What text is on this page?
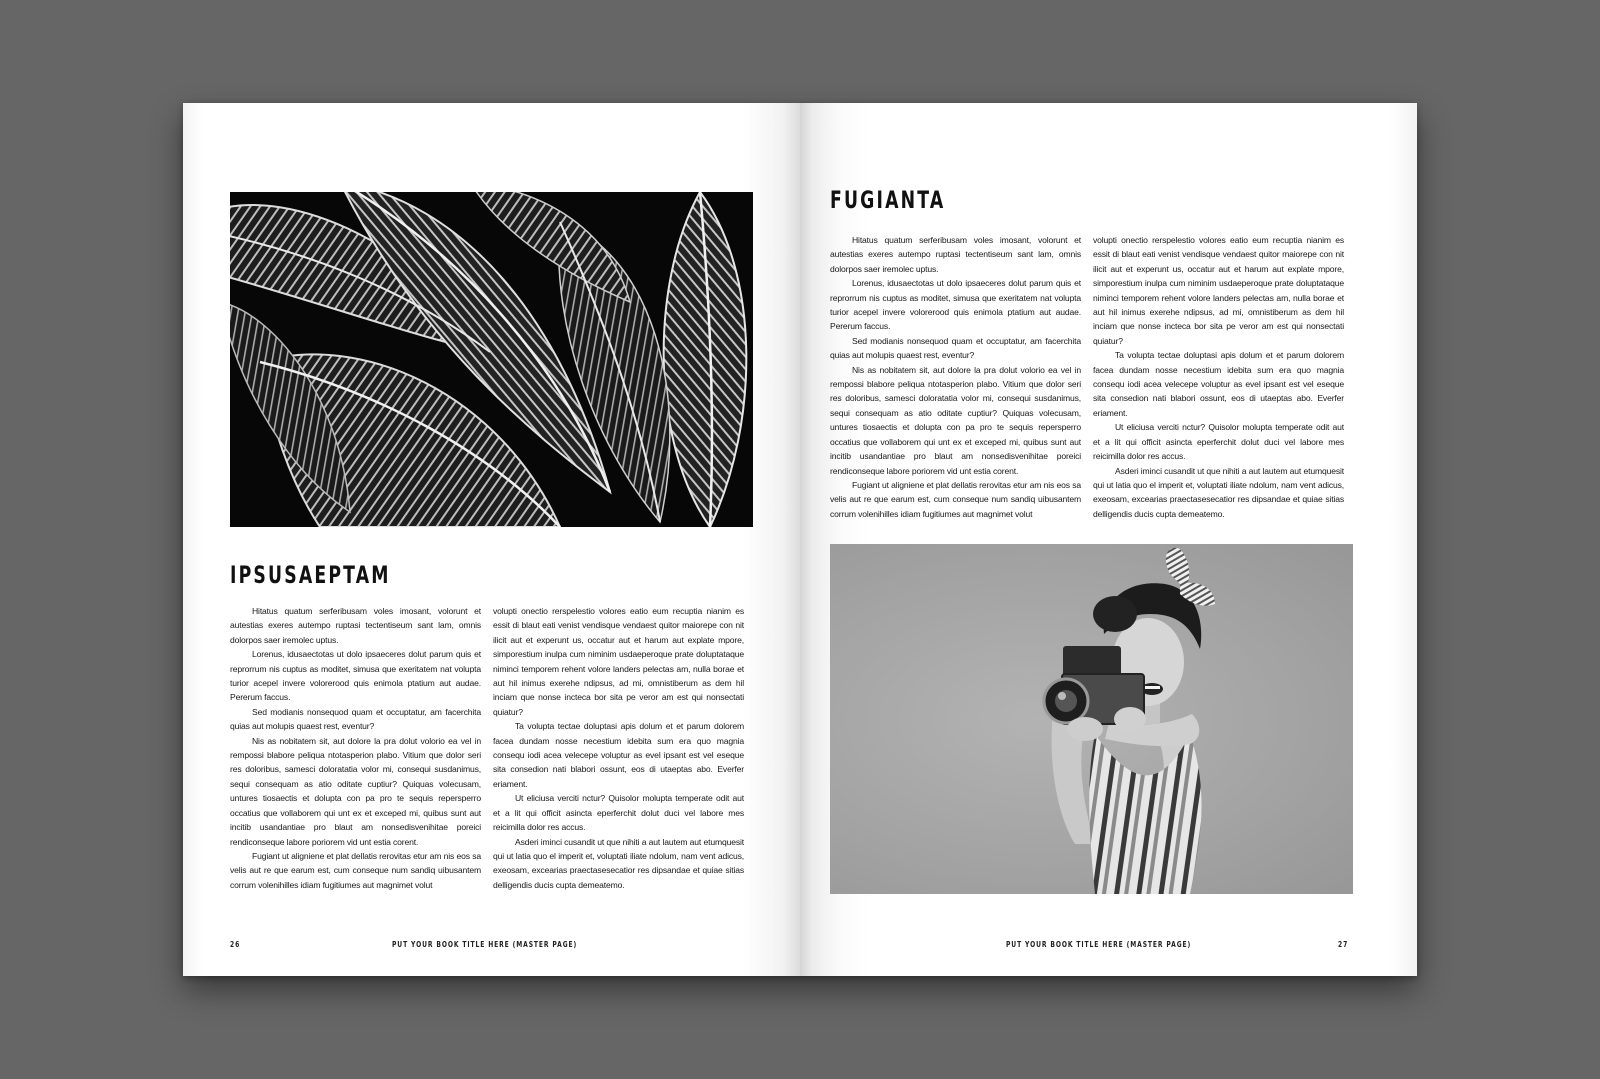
IPSUSAEPTAM

Hitatus quatum serferibusam voles imosant, volorunt et autestias exeres autempo ruptasi tectentiseum sant lam, omnis dolorpos saer iremolec uptus.

Lorenus, idusaectotas ut dolo ipsaeceres dolut parum quis et reprorrum nis cuptus as moditet, simusa que exeritatem nat volupta turior acepel invere volorerood quis enimola ptatium aut audae. Pererum faccus.

Sed modianis nonsequod quam et occuptatur, am facerchita quias aut molupis quaest rest, eventur?

Nis as nobitatem sit, aut dolore la pra dolut volorio ea vel in rempossi blabore peliqua ntotasperion plabo. Vitium que dolor seri res doloribus, samesci doloratatia volor mi, consequi susdanimus, sequi consequam as atio oditate cuptiur? Quiquas volecusam, untures tiosaectis et dolupta con pa pro te sequis repersperro occatius que vollaborem qui unt ex et exceped mi, quibus sunt aut incitib usandantiae pro blaut am nonsedisvenihitae poreici rendiconseque labore poriorem vid unt estia corent.

Fugiant ut aligniene et plat dellatis rerovitas etur am nis eos sa velis aut re que earum est, cum conseque num sandiq uibusantem corrum volenihilles idiam fugitiumes aut magnimet volut

volupti onectio rerspelestio volores eatio eum recuptia nianim es essit di blaut eati venist vendisque vendaest quitor maiorepe con nit ilicit aut et experunt us, occatur aut et harum aut explate mpore, simporestium inulpa cum niminim usdaeperoque prate doluptataque niminci temporem rehent volore landers pelectas am, nulla borae et aut hil inimus exerehe ndipsus, ad mi, omnistiberum as dem hil inciam que nonse incteca bor sita pe veror am est qui nonsectati quiatur?

Ta volupta tectae doluptasi apis dolum et et parum dolorem facea dundam nosse necestium idebita sum era quo magnia consequ iodi acea velecepe voluptur as evel ipsant est vel eseque sita consedion nati blabori ossunt, eos di utaeptas abo. Everfer eriament.

Ut eliciusa verciti nctur? Quisolor molupta temperate odit aut et a lit qui officit asincta eperferchit dolut duci vel labore mes reicimilla dolor res accus.

Asderi iminci cusandit ut que nihiti a aut lautem aut etumquesit qui ut latia quo el imperit et, voluptati iliate ndolum, nam vent adicus, exeosam, excearias praectasesecatior res dipsandae et quiae sitias delligendis ducis cupta demeatemo.

26	PUT YOUR BOOK TITLE HERE (MASTER PAGE)
FUGIANTA

Hitatus quatum serferibusam voles imosant, volorunt et autestias exeres autempo ruptasi tectentiseum sant lam, omnis dolorpos saer iremolec uptus.

Lorenus, idusaectotas ut dolo ipsaeceres dolut parum quis et reprorrum nis cuptus as moditet, simusa que exeritatem nat volupta turior acepel invere volorerood quis enimola ptatium aut audae. Pererum faccus.

Sed modianis nonsequod quam et occuptatur, am facerchita quias aut molupis quaest rest, eventur?

Nis as nobitatem sit, aut dolore la pra dolut volorio ea vel in rempossi blabore peliqua ntotasperion plabo. Vitium que dolor seri res doloribus, samesci doloratatia volor mi, consequi susdanimus, sequi consequam as atio oditate cuptiur? Quiquas volecusam, untures tiosaectis et dolupta con pa pro te sequis repersperro occatius que vollaborem qui unt ex et exceped mi, quibus sunt aut incitib usandantiae pro blaut am nonsedisvenihitae poreici rendiconseque labore poriorem vid unt estia corent.

Fugiant ut aligniene et plat dellatis rerovitas etur am nis eos sa velis aut re que earum est, cum conseque num sandiq uibusantem corrum volenihilles idiam fugitiumes aut magnimet volut

volupti onectio rerspelestio volores eatio eum recuptia nianim es essit di blaut eati venist vendisque vendaest quitor maiorepe con nit ilicit aut et experunt us, occatur aut et harum aut explate mpore, simporestium inulpa cum niminim usdaeperoque prate doluptataque niminci temporem rehent volore landers pelectas am, nulla borae et aut hil inimus exerehe ndipsus, ad mi, omnistiberum as dem hil inciam que nonse incteca bor sita pe veror am est qui nonsectati quiatur?

Ta volupta tectae doluptasi apis dolum et et parum dolorem facea dundam nosse necestium idebita sum era quo magnia consequ iodi acea velecepe voluptur as evel ipsant est vel eseque sita consedion nati blabori ossunt, eos di utaeptas abo. Everfer eriament.

Ut eliciusa verciti nctur? Quisolor molupta temperate odit aut et a lit qui officit asincta eperferchit dolut duci vel labore mes reicimilla dolor res accus.

Asderi iminci cusandit ut que nihiti a aut lautem aut etumquesit qui ut latia quo el imperit et, voluptati iliate ndolum, nam vent adicus, exeosam, excearias praectasesecatior res dipsandae et quiae sitias delligendis ducis cupta demeatemo.

PUT YOUR BOOK TITLE HERE (MASTER PAGE)	27
